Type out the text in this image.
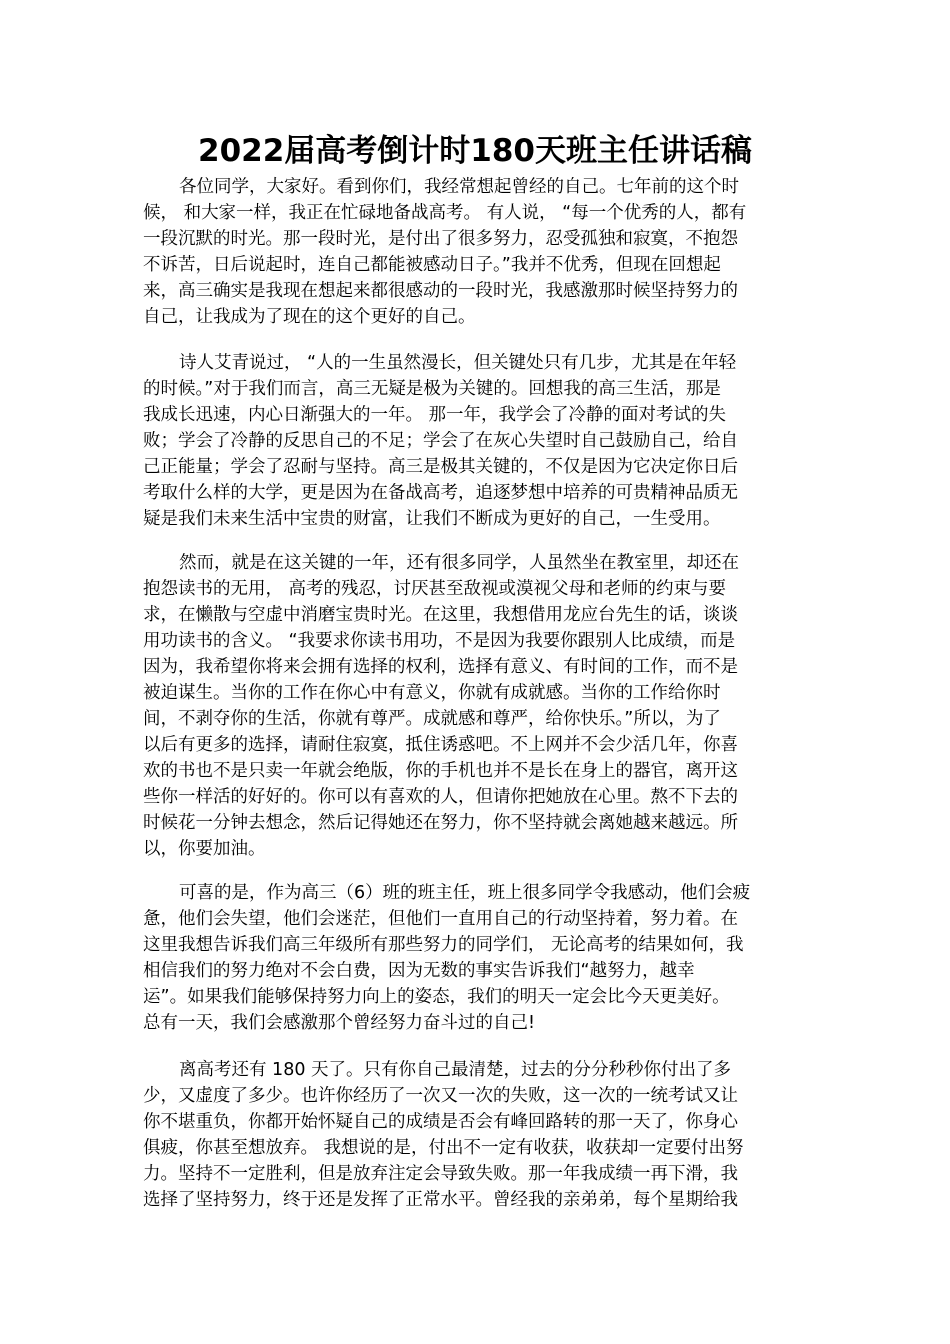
2022届高考倒计时180天班主任讲话稿
各位同学，大家好。看到你们，我经常想起曾经的自己。七年前的这个时
候， 和大家一样，我正在忙碌地备战高考。 有人说， “每一个优秀的人，都有
一段沉默的时光。那一段时光，是付出了很多努力，忍受孤独和寂寞，不抱怨
不诉苦，日后说起时，连自己都能被感动日子。”我并不优秀，但现在回想起
来，高三确实是我现在想起来都很感动的一段时光，我感激那时候坚持努力的
自己，让我成为了现在的这个更好的自己。
诗人艾青说过， “人的一生虽然漫长，但关键处只有几步，尤其是在年轻
的时候。”对于我们而言，高三无疑是极为关键的。回想我的高三生活，那是
我成长迅速，内心日渐强大的一年。 那一年，我学会了冷静的面对考试的失
败；学会了冷静的反思自己的不足；学会了在灰心失望时自己鼓励自己，给自
己正能量；学会了忍耐与坚持。高三是极其关键的，不仅是因为它决定你日后
考取什么样的大学，更是因为在备战高考，追逐梦想中培养的可贵精神品质无
疑是我们未来生活中宝贵的财富，让我们不断成为更好的自己，一生受用。
然而，就是在这关键的一年，还有很多同学，人虽然坐在教室里，却还在
抱怨读书的无用， 高考的残忍，讨厌甚至敌视或漠视父母和老师的约束与要
求，在懒散与空虚中消磨宝贵时光。在这里，我想借用龙应台先生的话，谈谈
用功读书的含义。 “我要求你读书用功，不是因为我要你跟别人比成绩，而是
因为，我希望你将来会拥有选择的权利，选择有意义、有时间的工作，而不是
被迫谋生。当你的工作在你心中有意义，你就有成就感。当你的工作给你时
间，不剥夺你的生活，你就有尊严。成就感和尊严，给你快乐。”所以，为了
以后有更多的选择，请耐住寂寞，抵住诱惑吧。不上网并不会少活几年，你喜
欢的书也不是只卖一年就会绝版，你的手机也并不是长在身上的器官，离开这
些你一样活的好好的。你可以有喜欢的人，但请你把她放在心里。熬不下去的
时候花一分钟去想念，然后记得她还在努力，你不坚持就会离她越来越远。所
以，你要加油。
可喜的是，作为高三（6）班的班主任，班上很多同学令我感动，他们会疲
惫，他们会失望，他们会迷茫，但他们一直用自己的行动坚持着，努力着。在
这里我想告诉我们高三年级所有那些努力的同学们， 无论高考的结果如何，我
相信我们的努力绝对不会白费，因为无数的事实告诉我们“越努力，越幸
运”。如果我们能够保持努力向上的姿态，我们的明天一定会比今天更美好。
总有一天，我们会感激那个曾经努力奋斗过的自己!
离高考还有 180 天了。只有你自己最清楚，过去的分分秒秒你付出了多
少，又虚度了多少。也许你经历了一次又一次的失败，这一次的一统考试又让
你不堪重负，你都开始怀疑自己的成绩是否会有峰回路转的那一天了，你身心
俱疲，你甚至想放弃。 我想说的是，付出不一定有收获，收获却一定要付出努
力。坚持不一定胜利，但是放弃注定会导致失败。那一年我成绩一再下滑，我
选择了坚持努力，终于还是发挥了正常水平。曾经我的亲弟弟，每个星期给我
